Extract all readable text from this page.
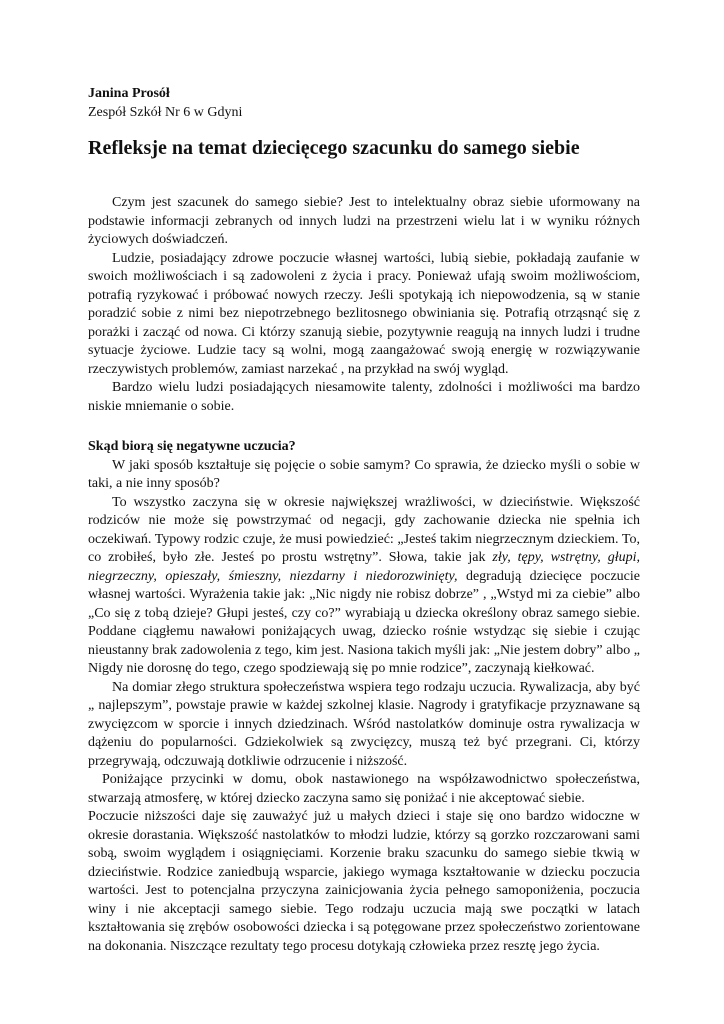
Janina Prosół
Zespół Szkół Nr 6 w Gdyni
Refleksje na temat dziecięcego szacunku do samego siebie

Czym jest szacunek do samego siebie? Jest to intelektualny obraz siebie uformowany na podstawie informacji zebranych od innych ludzi na przestrzeni wielu lat i w wyniku różnych życiowych doświadczeń.

Ludzie, posiadający zdrowe poczucie własnej wartości, lubią siebie, pokładają zaufanie w swoich możliwościach i są zadowoleni z życia i pracy. Ponieważ ufają swoim możliwościom, potrafią ryzykować i próbować nowych rzeczy. Jeśli spotykają ich niepowodzenia, są w stanie poradzić sobie z nimi bez niepotrzebnego bezlitosnego obwiniania się. Potrafią otrząsnąć się z porażki i zacząć od nowa. Ci którzy szanują siebie, pozytywnie reagują na innych ludzi i trudne sytuacje życiowe. Ludzie tacy są wolni, mogą zaangażować swoją energię w rozwiązywanie rzeczywistych problemów, zamiast narzekać , na przykład na swój wygląd.

Bardzo wielu ludzi posiadających niesamowite talenty, zdolności i możliwości ma bardzo niskie mniemanie o sobie.

Skąd biorą się negatywne uczucia?

W jaki sposób kształtuje się pojęcie o sobie samym? Co sprawia, że dziecko myśli o sobie w taki, a nie inny sposób?

To wszystko zaczyna się w okresie największej wrażliwości, w dzieciństwie. Większość rodziców nie może się powstrzymać od negacji, gdy zachowanie dziecka nie spełnia ich oczekiwań. Typowy rodzic czuje, że musi powiedzieć: „Jesteś takim niegrzecznym dzieckiem. To, co zrobiłeś, było złe. Jesteś po prostu wstrętny”. Słowa, takie jak zły, tępy, wstrętny, głupi, niegrzeczny, opieszały, śmieszny, niezdarny i niedorozwinięty, degradują dziecięce poczucie własnej wartości. Wyrażenia takie jak: „Nic nigdy nie robisz dobrze” , „Wstyd mi za ciebie” albo „Co się z tobą dzieje? Głupi jesteś, czy co?” wyrabiają u dziecka określony obraz samego siebie. Poddane ciągłemu nawałowi poniżających uwag, dziecko rośnie wstydząc się siebie i czując nieustanny brak zadowolenia z tego, kim jest. Nasiona takich myśli jak: „Nie jestem dobry” albo „ Nigdy nie dorosnę do tego, czego spodziewają się po mnie rodzice”, zaczynają kiełkować.

Na domiar złego struktura społeczeństwa wspiera tego rodzaju uczucia. Rywalizacja, aby być „ najlepszym”, powstaje prawie w każdej szkolnej klasie. Nagrody i gratyfikacje przyznawane są zwycięzcom w sporcie i innych dziedzinach. Wśród nastolatków dominuje ostra rywalizacja w dążeniu do popularności. Gdziekolwiek są zwycięzcy, muszą też być przegrani. Ci, którzy przegrywają, odczuwają dotkliwie odrzucenie i niższość.

Poniżające przycinki w domu, obok nastawionego na współzawodnictwo społeczeństwa, stwarzają atmosferę, w której dziecko zaczyna samo się poniżać i nie akceptować siebie.

Poczucie niższości daje się zauważyć już u małych dzieci i staje się ono bardzo widoczne w okresie dorastania. Większość nastolatków to młodzi ludzie, którzy są gorzko rozczarowani sami sobą, swoim wyglądem i osiągnięciami. Korzenie braku szacunku do samego siebie tkwią w dzieciństwie. Rodzice zaniedbują wsparcie, jakiego wymaga kształtowanie w dziecku poczucia wartości. Jest to potencjalna przyczyna zainicjowania życia pełnego samoponiżenia, poczucia winy i nie akceptacji samego siebie. Tego rodzaju uczucia mają swe początki w latach kształtowania się zrębów osobowości dziecka i są potęgowane przez społeczeństwo zorientowane na dokonania. Niszczące rezultaty tego procesu dotykają człowieka przez resztę jego życia.
